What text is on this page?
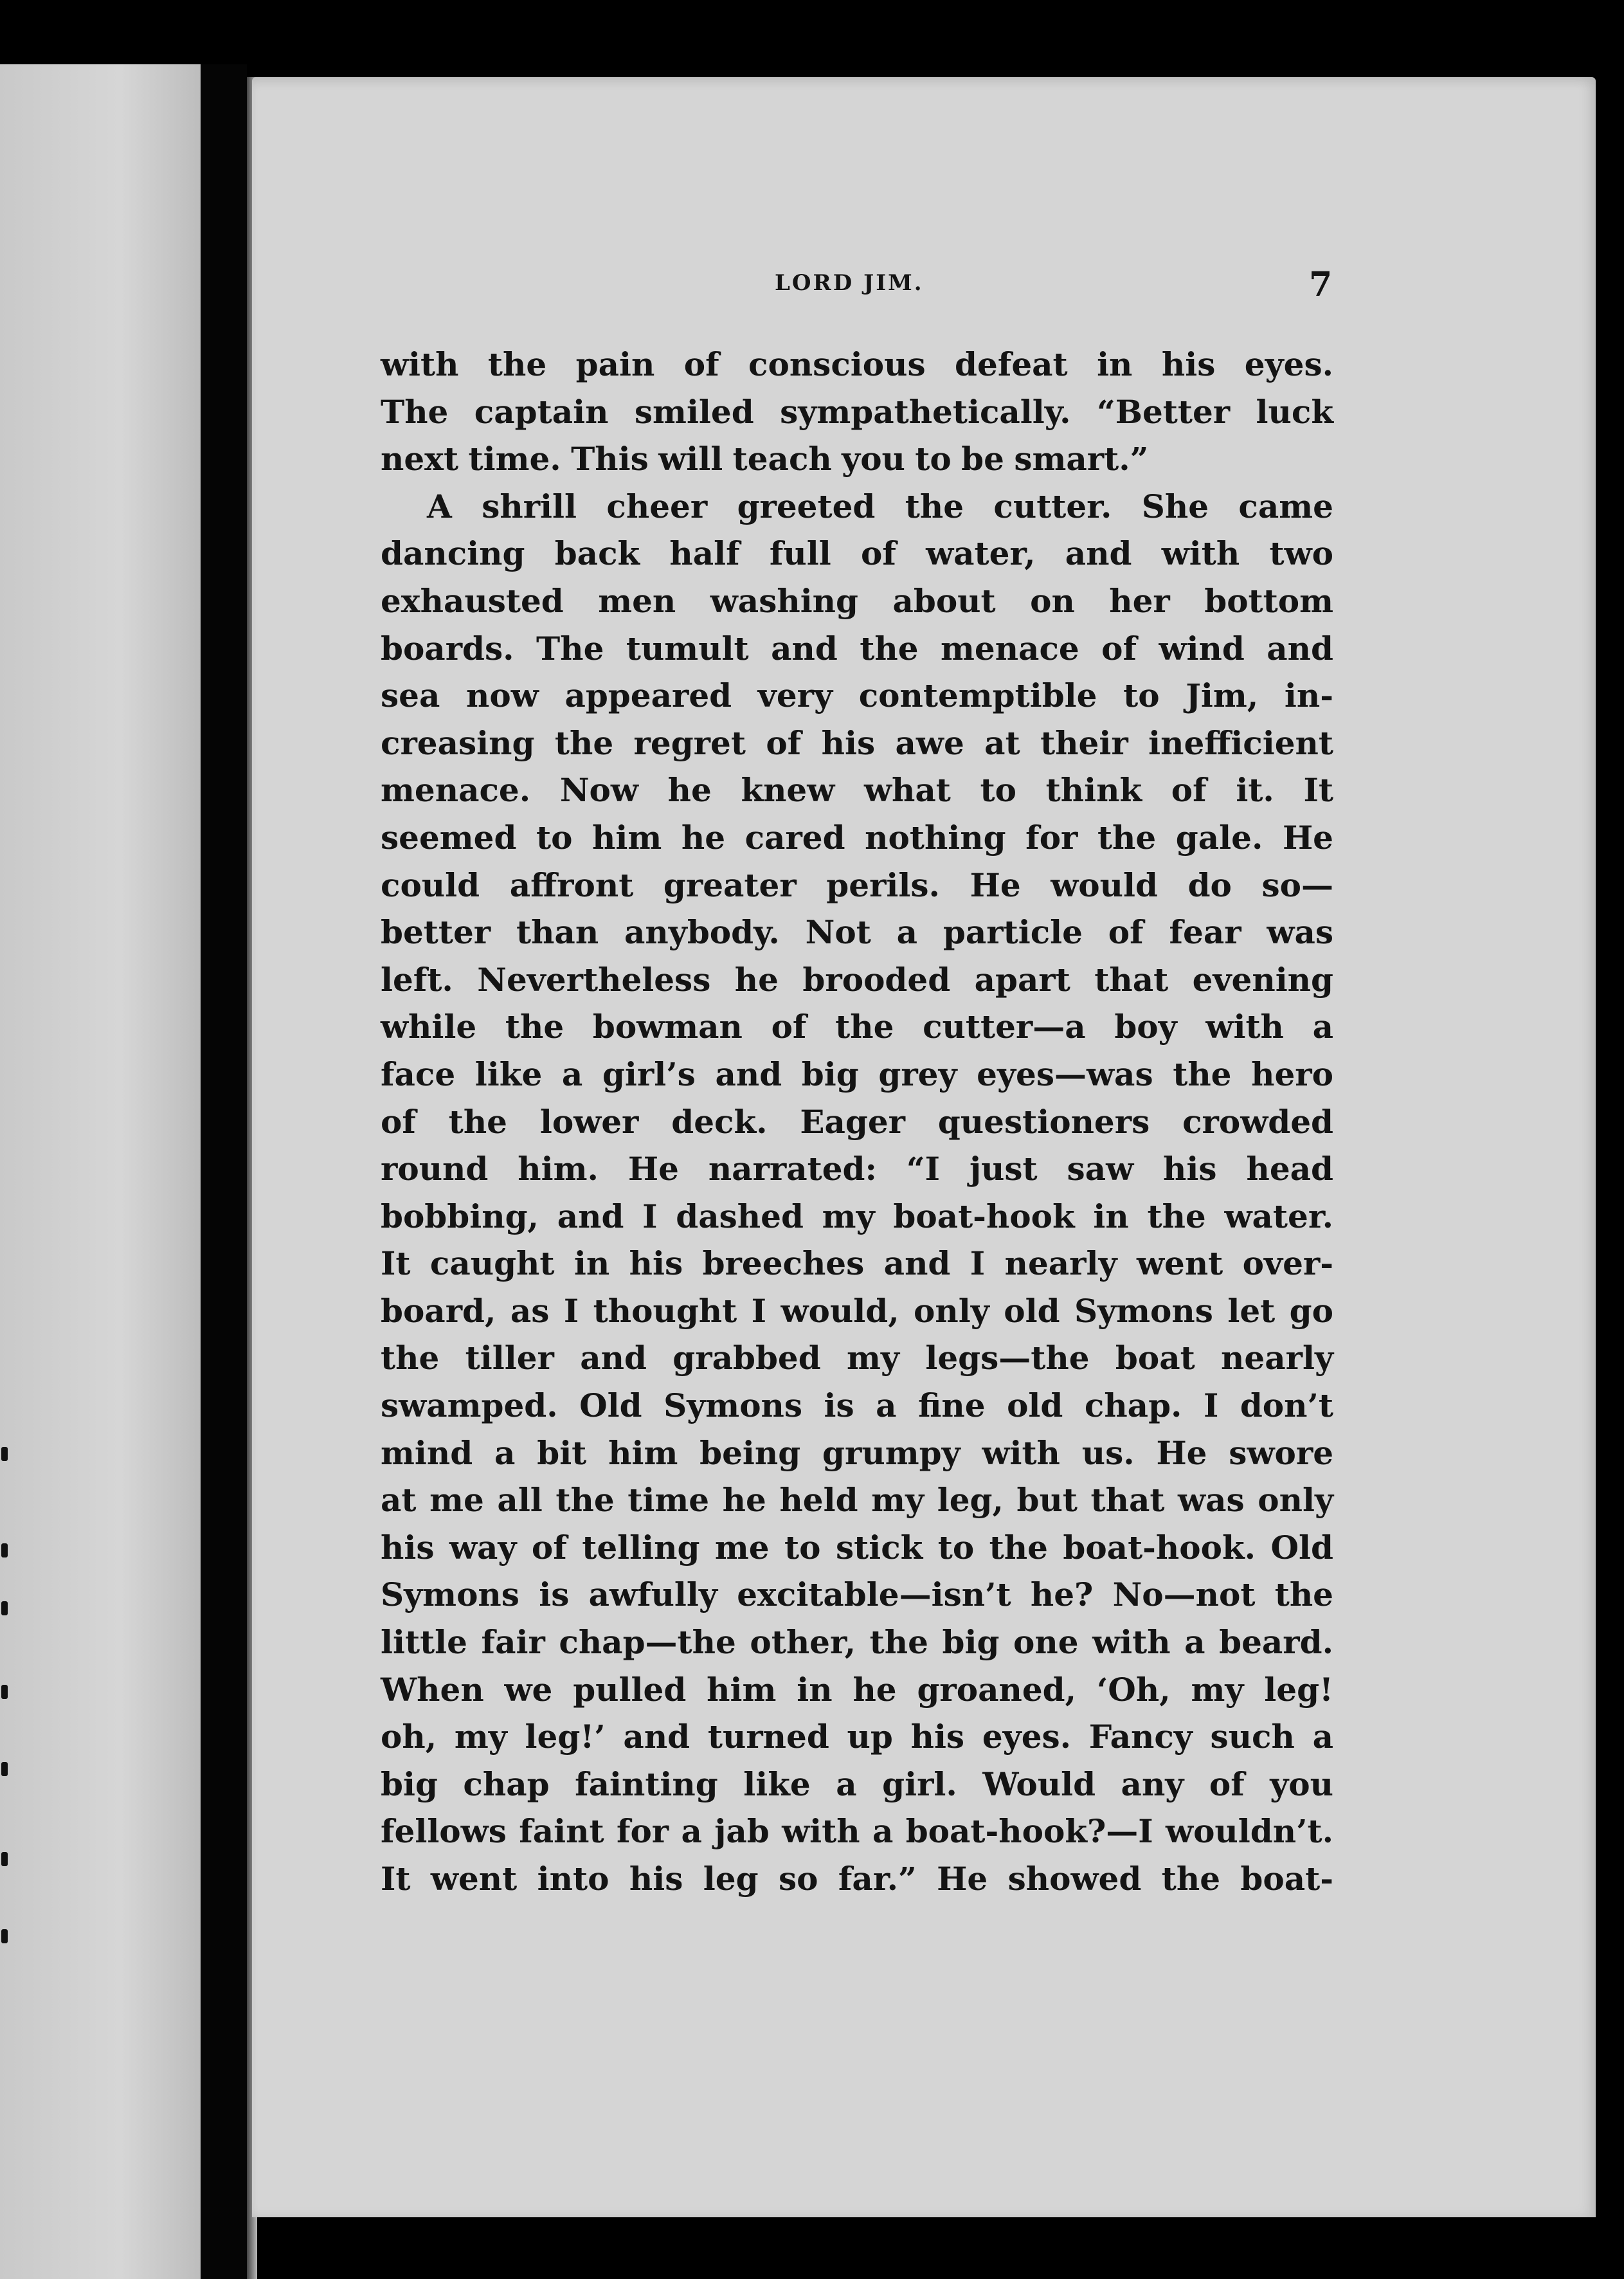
LORD JIM.	7
with the pain of conscious defeat in his eyes.
The captain smiled sympathetically. “Better luck
next time. This will teach you to be smart.”
A shrill cheer greeted the cutter. She came
dancing back half full of water, and with two
exhausted men washing about on her bottom
boards. The tumult and the menace of wind and
sea now appeared very contemptible to Jim, in-
creasing the regret of his awe at their inefficient
menace. Now he knew what to think of it. It
seemed to him he cared nothing for the gale. He
could affront greater perils. He would do so—
better than anybody. Not a particle of fear was
left. Nevertheless he brooded apart that evening
while the bowman of the cutter—a boy with a
face like a girl’s and big grey eyes—was the hero
of the lower deck. Eager questioners crowded
round him. He narrated: “I just saw his head
bobbing, and I dashed my boat-hook in the water.
It caught in his breeches and I nearly went over-
board, as I thought I would, only old Symons let go
the tiller and grabbed my legs—the boat nearly
swamped. Old Symons is a fine old chap. I don’t
mind a bit him being grumpy with us. He swore
at me all the time he held my leg, but that was only
his way of telling me to stick to the boat-hook. Old
Symons is awfully excitable—isn’t he? No—not the
little fair chap—the other, the big one with a beard.
When we pulled him in he groaned, ‘Oh, my leg!
oh, my leg!’ and turned up his eyes. Fancy such a
big chap fainting like a girl. Would any of you
fellows faint for a jab with a boat-hook?—I wouldn’t.
It went into his leg so far.” He showed the boat-
